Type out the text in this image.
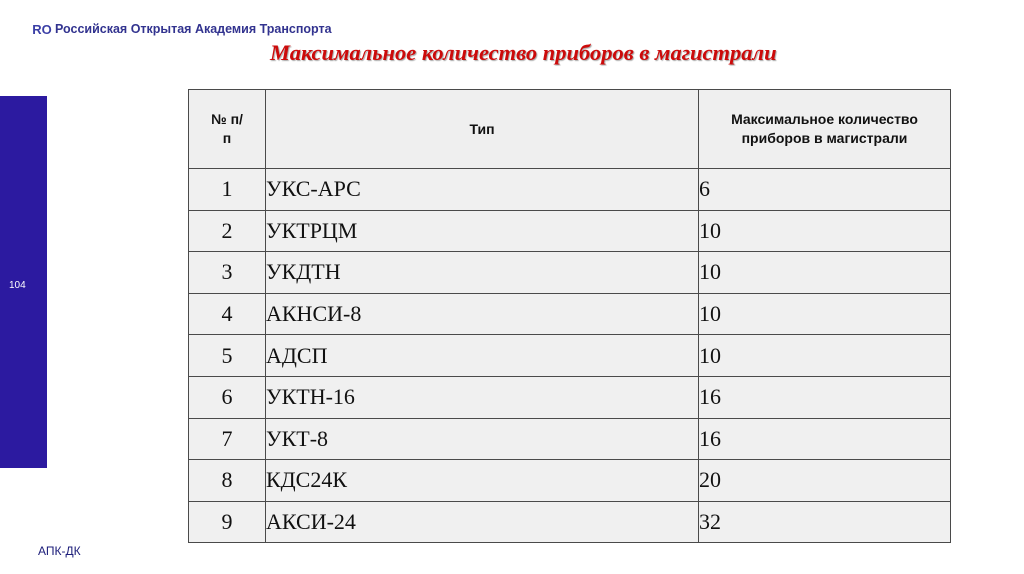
RO Российская Открытая Академия Транспорта
Максимальное количество приборов в магистрали
104
№ п/п	Тип	Максимальное количество приборов в магистрали
1	УКС-АРС	6
2	УКТРЦМ	10
3	УКДТН	10
4	АКНСИ-8	10
5	АДСП	10
6	УКТН-16	16
7	УКТ-8	16
8	КДС24К	20
9	АКСИ-24	32
АПК-ДК
